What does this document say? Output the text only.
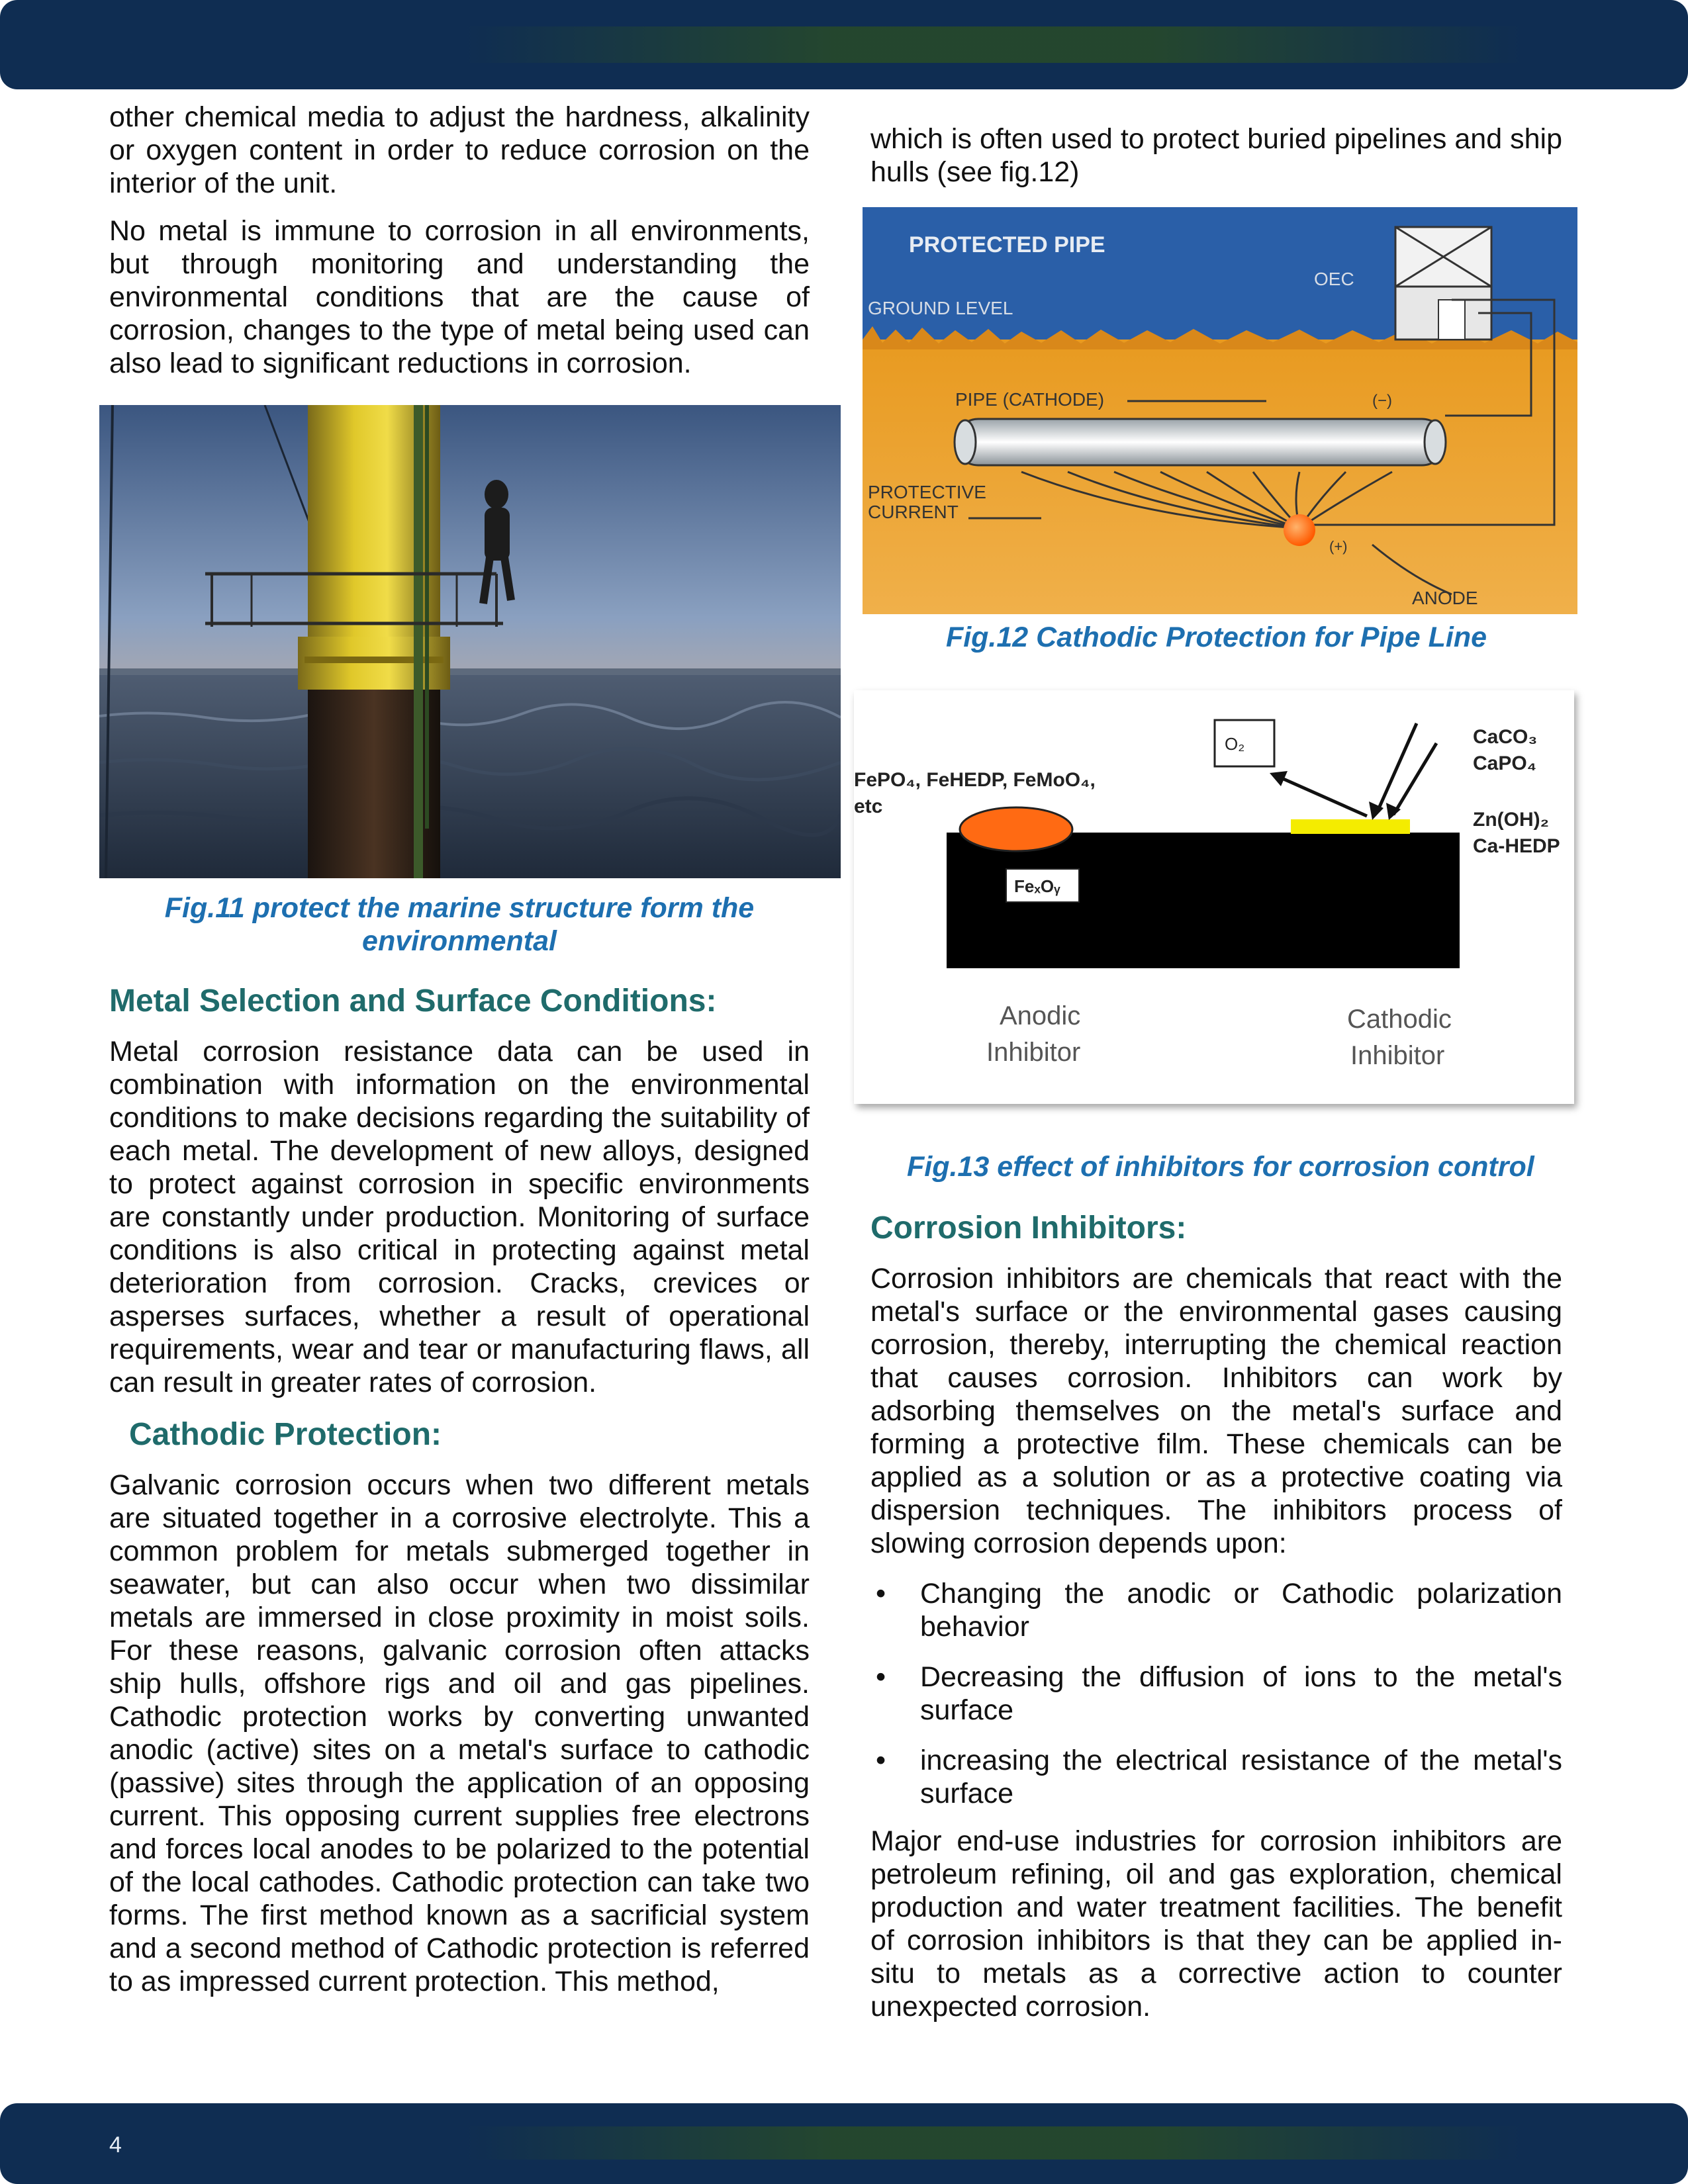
4

other chemical media to adjust the hardness, alkalinity or oxygen content in order to reduce corrosion on the interior of the unit.

No metal is immune to corrosion in all environments, but through monitoring and understanding the environmental conditions that are the cause of corrosion, changes to the type of metal being used can also lead to significant reductions in corrosion.

Fig.11 protect the marine structure form the environmental
Metal Selection and Surface Conditions:

Metal corrosion resistance data can be used in combination with information on the environmental conditions to make decisions regarding the suitability of each metal. The development of new alloys, designed to protect against corrosion in specific environments are constantly under production. Monitoring of surface conditions is also critical in protecting against metal deterioration from corrosion. Cracks, crevices or asperses surfaces, whether a result of operational requirements, wear and tear or manufacturing flaws, all can result in greater rates of corrosion.

Cathodic Protection:

Galvanic corrosion occurs when two different metals are situated together in a corrosive electrolyte. This a common problem for metals submerged together in seawater, but can also occur when two dissimilar metals are immersed in close proximity in moist soils. For these reasons, galvanic corrosion often attacks ship hulls, offshore rigs and oil and gas pipelines. Cathodic protection works by converting unwanted anodic (active) sites on a metal's surface to cathodic (passive) sites through the application of an opposing current. This opposing current supplies free electrons and forces local anodes to be polarized to the potential of the local cathodes. Cathodic protection can take two forms. The first method known as a sacrificial system and a second method of Cathodic protection is referred to as impressed current protection. This method,

which is often used to protect buried pipelines and ship hulls (see fig.12)

PROTECTED PIPE
OEC
GROUND LEVEL
PIPE (CATHODE)	(−)
PROTECTIVE
CURRENT
(+)
ANODE
Fig.12 Cathodic Protection for Pipe Line
O₂
FePO₄, FeHEDP, FeMoO₄,
etc
FeₓOᵧ
CaCO₃
CaPO₄
Zn(OH)₂
Ca-HEDP
Anodic
Inhibitor
Cathodic
Inhibitor
Fig.13 effect of inhibitors for corrosion control
Corrosion Inhibitors:

Corrosion inhibitors are chemicals that react with the metal's surface or the environmental gases causing corrosion, thereby, interrupting the chemical reaction that causes corrosion. Inhibitors can work by adsorbing themselves on the metal's surface and forming a protective film. These chemicals can be applied as a solution or as a protective coating via dispersion techniques. The inhibitors process of slowing corrosion depends upon:

• Changing the anodic or Cathodic polarization behavior
• Decreasing the diffusion of ions to the metal's surface
• increasing the electrical resistance of the metal's surface

Major end-use industries for corrosion inhibitors are petroleum refining, oil and gas exploration, chemical production and water treatment facilities. The benefit of corrosion inhibitors is that they can be applied in-situ to metals as a corrective action to counter unexpected corrosion.
